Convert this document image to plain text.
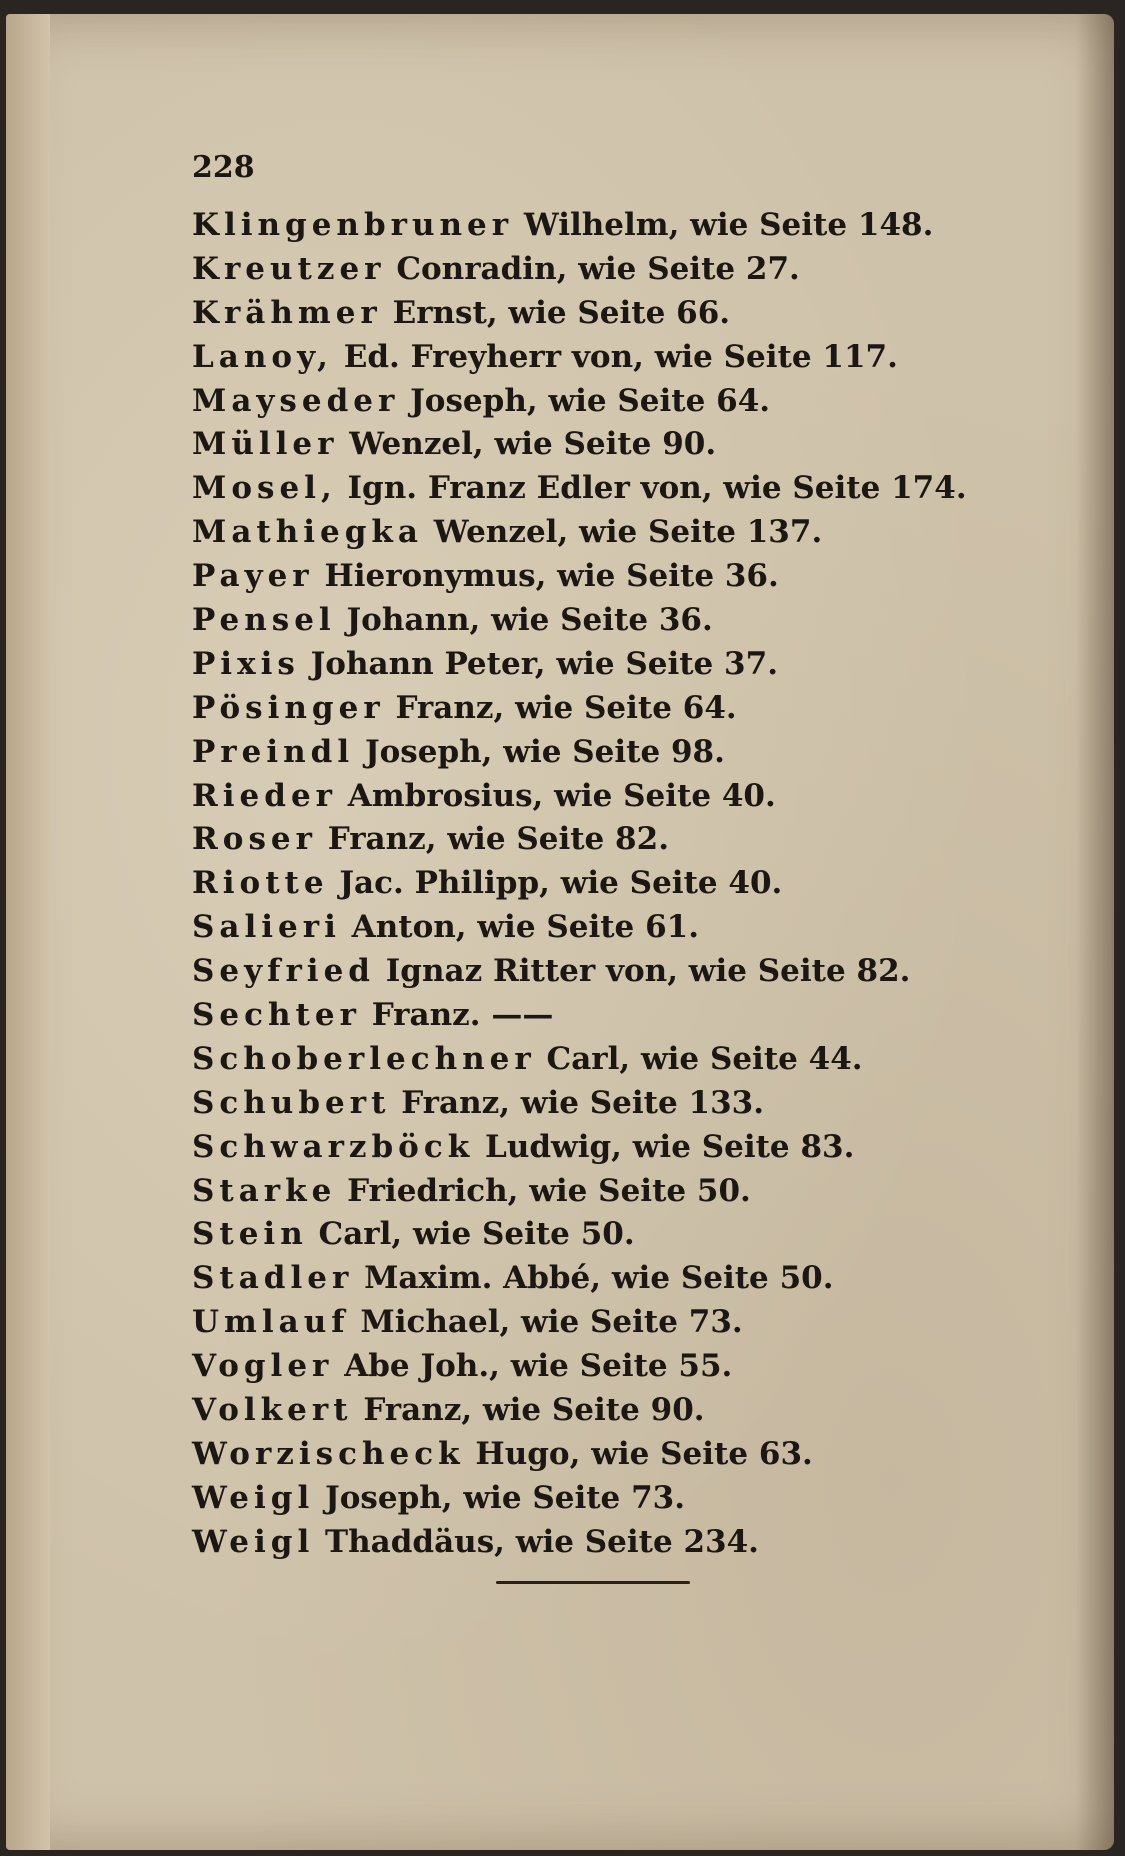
228
Klingenbruner Wilhelm, wie Seite 148.
Kreutzer Conradin, wie Seite 27.
Krähmer Ernst, wie Seite 66.
Lanoy, Ed. Freyherr von, wie Seite 117.
Mayseder Joseph, wie Seite 64.
Müller Wenzel, wie Seite 90.
Mosel, Ign. Franz Edler von, wie Seite 174.
Mathiegka Wenzel, wie Seite 137.
Payer Hieronymus, wie Seite 36.
Pensel Johann, wie Seite 36.
Pixis Johann Peter, wie Seite 37.
Pösinger Franz, wie Seite 64.
Preindl Joseph, wie Seite 98.
Rieder Ambrosius, wie Seite 40.
Roser Franz, wie Seite 82.
Riotte Jac. Philipp, wie Seite 40.
Salieri Anton, wie Seite 61.
Seyfried Ignaz Ritter von, wie Seite 82.
Sechter Franz. ——
Schoberlechner Carl, wie Seite 44.
Schubert Franz, wie Seite 133.
Schwarzböck Ludwig, wie Seite 83.
Starke Friedrich, wie Seite 50.
Stein Carl, wie Seite 50.
Stadler Maxim. Abbé, wie Seite 50.
Umlauf Michael, wie Seite 73.
Vogler Abe Joh., wie Seite 55.
Volkert Franz, wie Seite 90.
Worzischeck Hugo, wie Seite 63.
Weigl Joseph, wie Seite 73.
Weigl Thaddäus, wie Seite 234.
